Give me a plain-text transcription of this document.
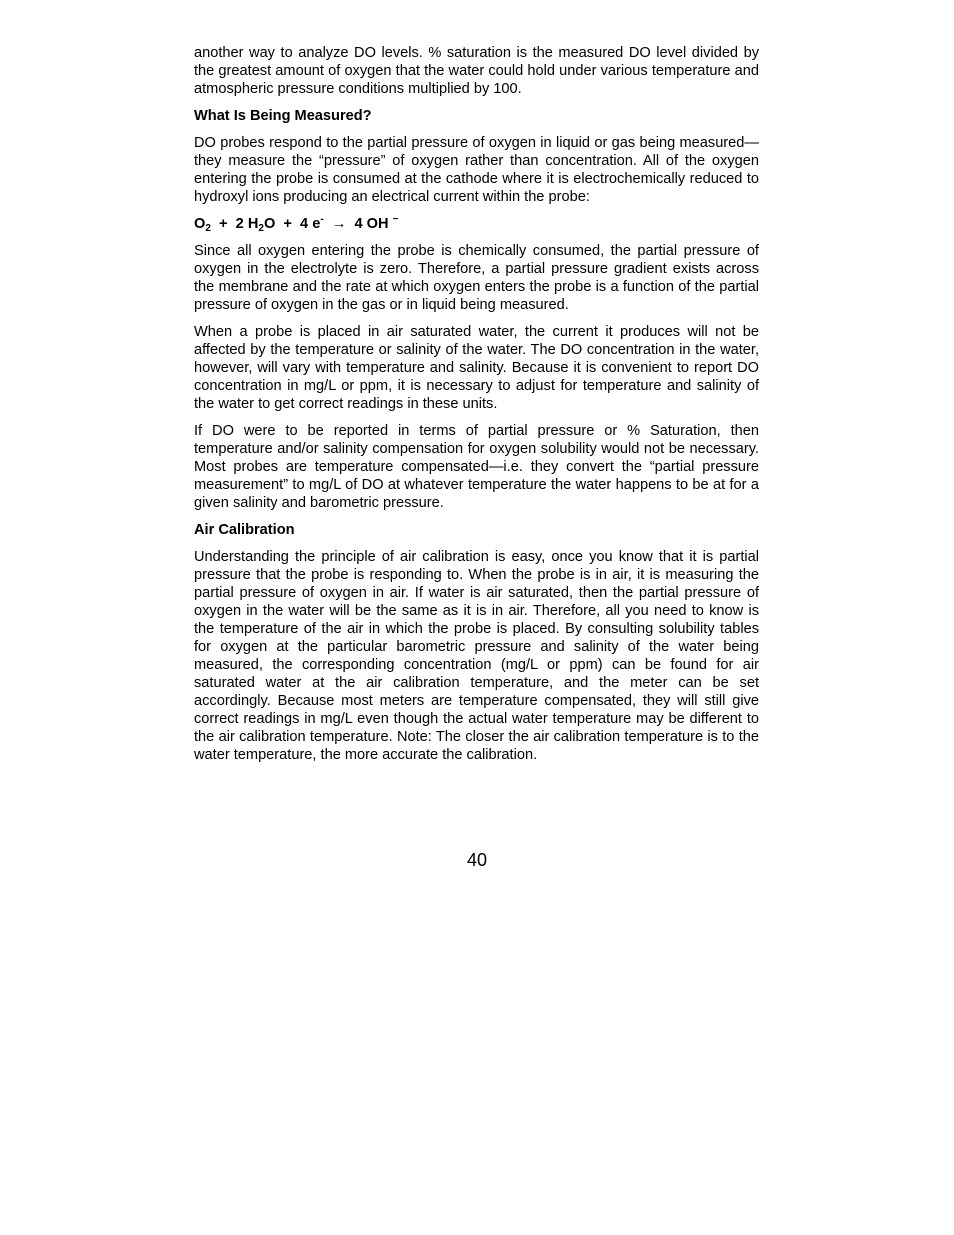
another way to analyze DO levels. % saturation is the measured DO level divided by the greatest amount of oxygen that the water could hold under various temperature and atmospheric pressure conditions multiplied by 100.

What Is Being Measured?

DO probes respond to the partial pressure of oxygen in liquid or gas being measured—they measure the “pressure” of oxygen rather than concentration. All of the oxygen entering the probe is consumed at the cathode where it is electrochemically reduced to hydroxyl ions producing an electrical current within the probe:

$O_2 + 2$ $H_2O + 4$ e-  →  4 OH −

Since all oxygen entering the probe is chemically consumed, the partial pressure of oxygen in the electrolyte is zero. Therefore, a partial pressure gradient exists across the membrane and the rate at which oxygen enters the probe is a function of the partial pressure of oxygen in the gas or in liquid being measured.

When a probe is placed in air saturated water, the current it produces will not be affected by the temperature or salinity of the water. The DO concentration in the water, however, will vary with temperature and salinity. Because it is convenient to report DO concentration in mg/L or ppm, it is necessary to adjust for temperature and salinity of the water to get correct readings in these units.

If DO were to be reported in terms of partial pressure or % Saturation, then temperature and/or salinity compensation for oxygen solubility would not be necessary. Most probes are temperature compensated—i.e. they convert the “partial pressure measurement” to mg/L of DO at whatever temperature the water happens to be at for a given salinity and barometric pressure.

Air Calibration

Understanding the principle of air calibration is easy, once you know that it is partial pressure that the probe is responding to. When the probe is in air, it is measuring the partial pressure of oxygen in air. If water is air saturated, then the partial pressure of oxygen in the water will be the same as it is in air. Therefore, all you need to know is the temperature of the air in which the probe is placed. By consulting solubility tables for oxygen at the particular barometric pressure and salinity of the water being measured, the corresponding concentration (mg/L or ppm) can be found for air saturated water at the air calibration temperature, and the meter can be set accordingly. Because most meters are temperature compensated, they will still give correct readings in mg/L even though the actual water temperature may be different to the air calibration temperature. Note: The closer the air calibration temperature is to the water temperature, the more accurate the calibration.

40
